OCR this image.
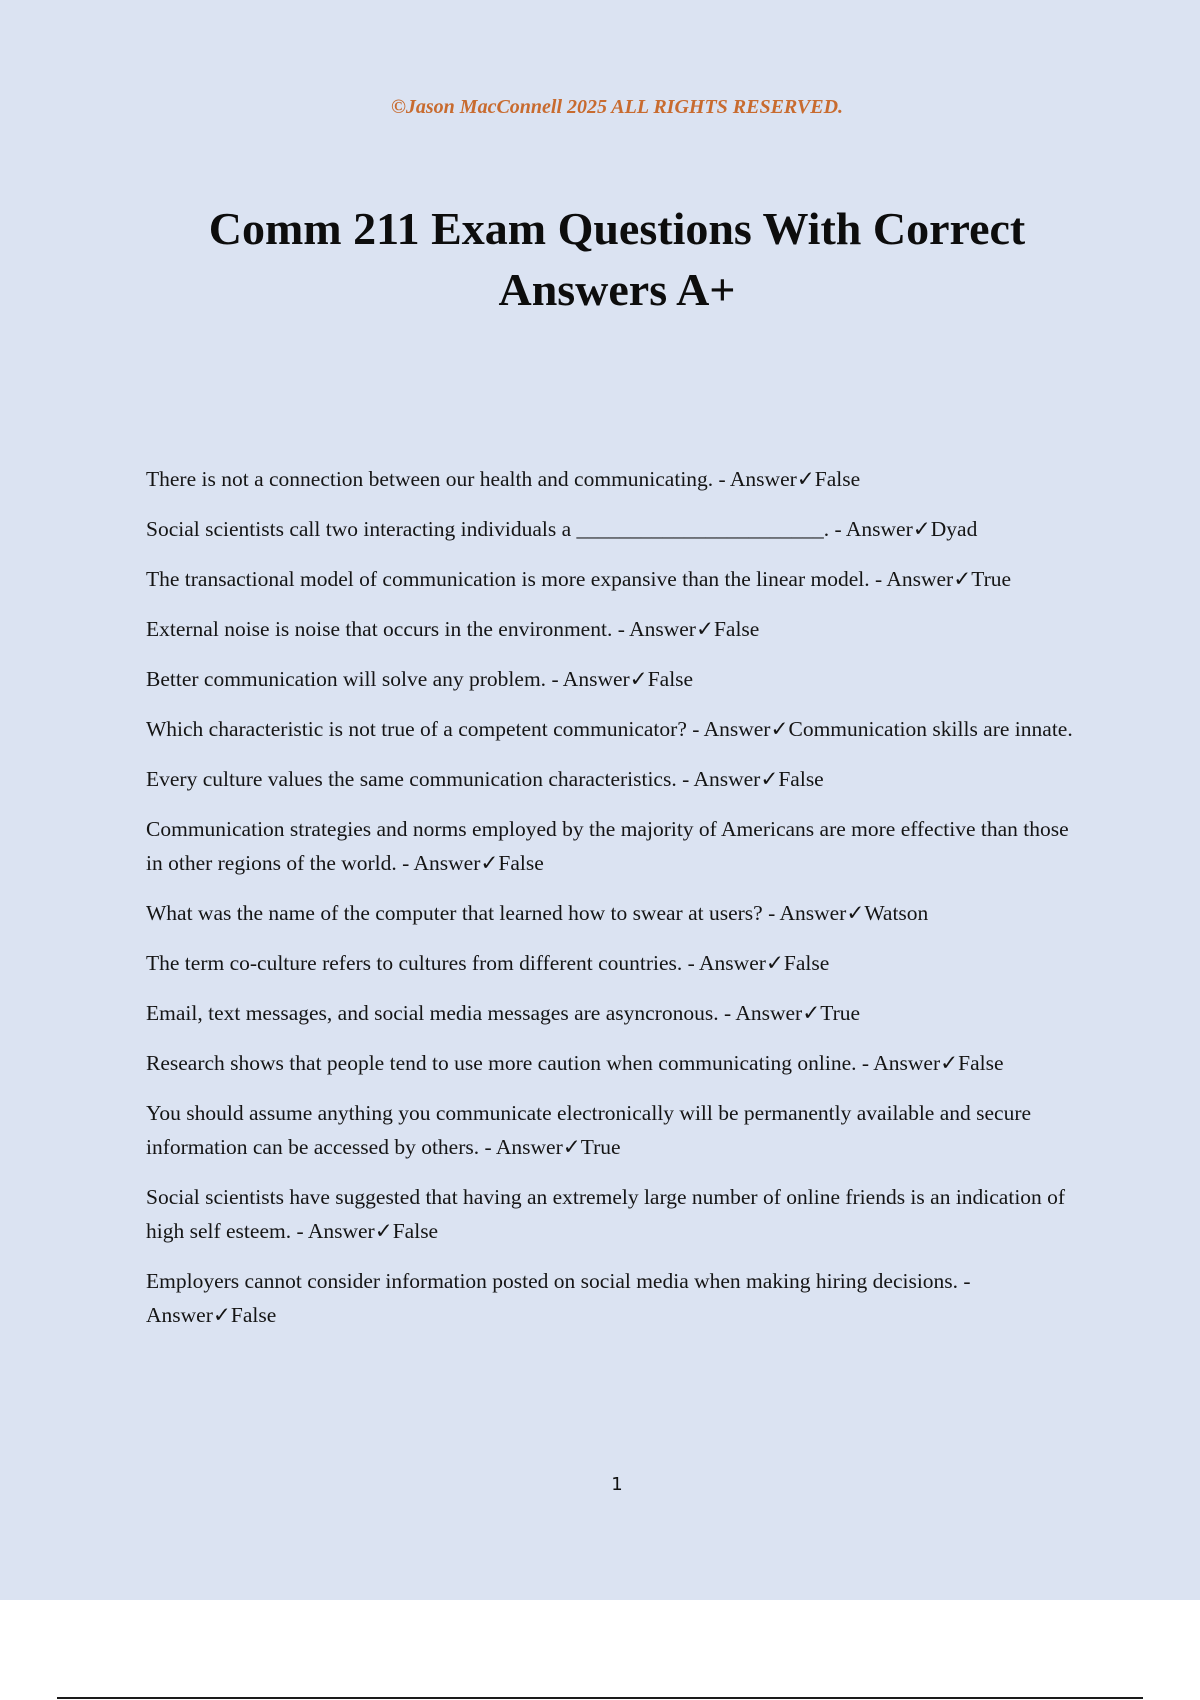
©Jason MacConnell 2025 ALL RIGHTS RESERVED.

Comm 211 Exam Questions With Correct Answers A+
There is not a connection between our health and communicating. - Answer✓False
Social scientists call two interacting individuals a _______________________. - Answer✓Dyad
The transactional model of communication is more expansive than the linear model. - Answer✓True
External noise is noise that occurs in the environment. - Answer✓False
Better communication will solve any problem. - Answer✓False
Which characteristic is not true of a competent communicator? - Answer✓Communication skills are innate.
Every culture values the same communication characteristics. - Answer✓False
Communication strategies and norms employed by the majority of Americans are more effective than those in other regions of the world. - Answer✓False
What was the name of the computer that learned how to swear at users? - Answer✓Watson
The term co-culture refers to cultures from different countries. - Answer✓False
Email, text messages, and social media messages are asyncronous. - Answer✓True
Research shows that people tend to use more caution when communicating online. - Answer✓False
You should assume anything you communicate electronically will be permanently available and secure information can be accessed by others. - Answer✓True
Social scientists have suggested that having an extremely large number of online friends is an indication of high self esteem. - Answer✓False
Employers cannot consider information posted on social media when making hiring decisions. - Answer✓False

1
